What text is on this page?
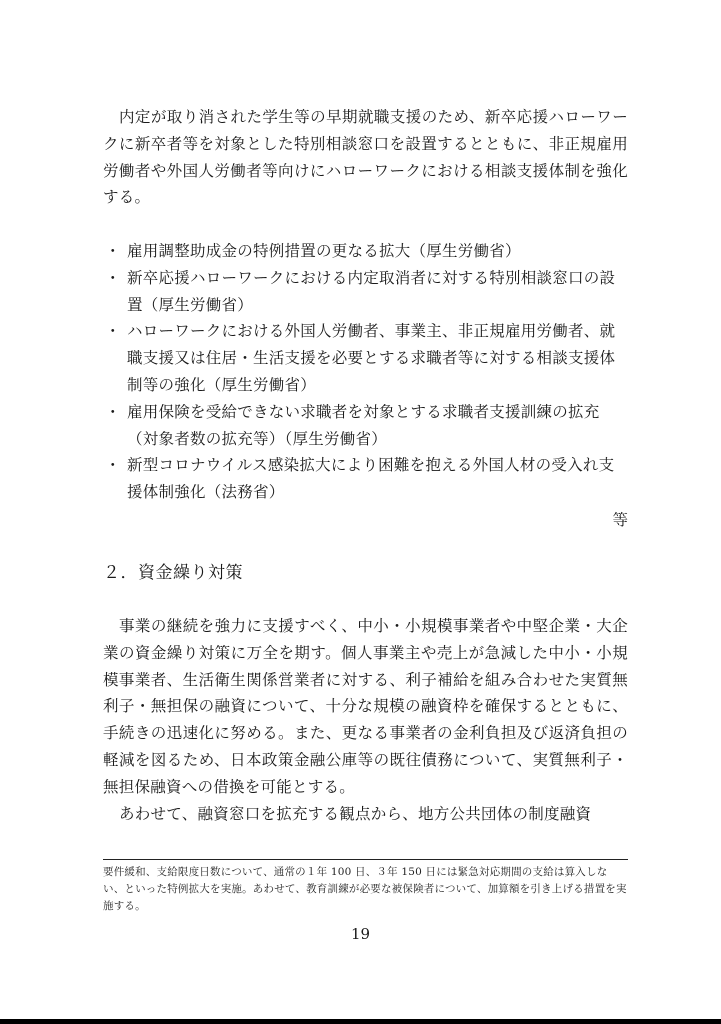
内定が取り消された学生等の早期就職支援のため、新卒応援ハローワークに新卒者等を対象とした特別相談窓口を設置するとともに、非正規雇用労働者や外国人労働者等向けにハローワークにおける相談支援体制を強化する。

・ 雇用調整助成金の特例措置の更なる拡大（厚生労働省）
・ 新卒応援ハローワークにおける内定取消者に対する特別相談窓口の設置（厚生労働省）
・ ハローワークにおける外国人労働者、事業主、非正規雇用労働者、就職支援又は住居・生活支援を必要とする求職者等に対する相談支援体制等の強化（厚生労働省）
・ 雇用保険を受給できない求職者を対象とする求職者支援訓練の拡充（対象者数の拡充等）（厚生労働省）
・ 新型コロナウイルス感染拡大により困難を抱える外国人材の受入れ支援体制強化（法務省）
等
２．資金繰り対策

事業の継続を強力に支援すべく、中小・小規模事業者や中堅企業・大企業の資金繰り対策に万全を期す。個人事業主や売上が急減した中小・小規模事業者、生活衛生関係営業者に対する、利子補給を組み合わせた実質無利子・無担保の融資について、十分な規模の融資枠を確保するとともに、手続きの迅速化に努める。また、更なる事業者の金利負担及び返済負担の軽減を図るため、日本政策金融公庫等の既往債務について、実質無利子・無担保融資への借換を可能とする。

あわせて、融資窓口を拡充する観点から、地方公共団体の制度融資

要件緩和、支給限度日数について、通常の１年 100 日、３年 150 日には緊急対応期間の支給は算入しない、といった特例拡大を実施。あわせて、教育訓練が必要な被保険者について、加算額を引き上げる措置を実施する。

19
